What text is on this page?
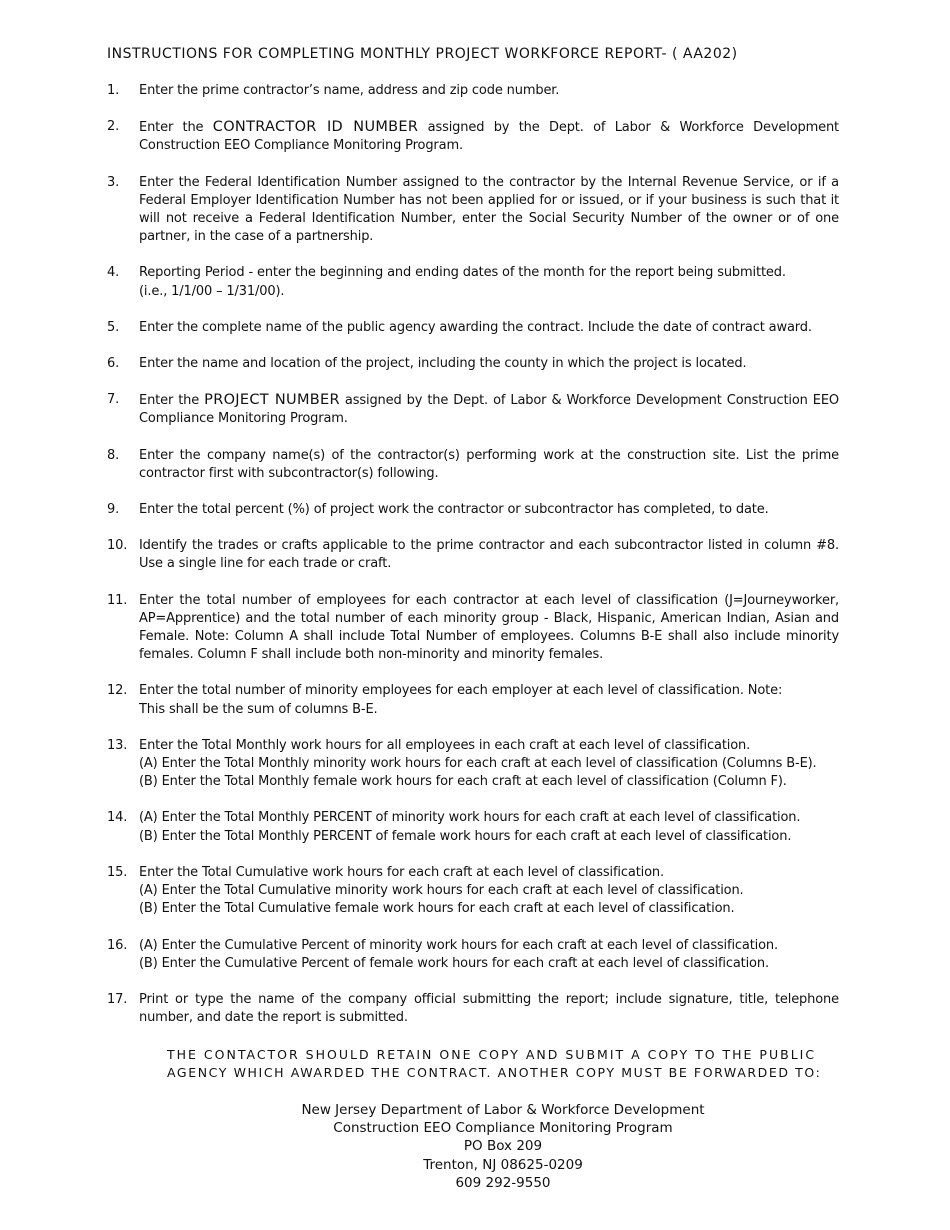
INSTRUCTIONS FOR COMPLETING MONTHLY PROJECT WORKFORCE REPORT- ( AA202)
1.	Enter the prime contractor’s name, address and zip code number.
2.	Enter the CONTRACTOR ID NUMBER assigned by the Dept. of Labor & Workforce Development Construction EEO Compliance Monitoring Program.
3.	Enter the Federal Identification Number assigned to the contractor by the Internal Revenue Service, or if a Federal Employer Identification Number has not been applied for or issued, or if your business is such that it will not receive a Federal Identification Number, enter the Social Security Number of the owner or of one partner, in the case of a partnership.
4.	Reporting Period - enter the beginning and ending dates of the month for the report being submitted.
(i.e., 1/1/00 – 1/31/00).
5.	Enter the complete name of the public agency awarding the contract. Include the date of contract award.
6.	Enter the name and location of the project, including the county in which the project is located.
7.	Enter the PROJECT NUMBER assigned by the Dept. of Labor & Workforce Development Construction EEO Compliance Monitoring Program.
8.	Enter the company name(s) of the contractor(s) performing work at the construction site. List the prime contractor first with subcontractor(s) following.
9.	Enter the total percent (%) of project work the contractor or subcontractor has completed, to date.
10. Identify the trades or crafts applicable to the prime contractor and each subcontractor listed in column #8. Use a single line for each trade or craft.
11. Enter the total number of employees for each contractor at each level of classification (J=Journeyworker, AP=Apprentice) and the total number of each minority group - Black, Hispanic, American Indian, Asian and Female. Note: Column A shall include Total Number of employees. Columns B-E shall also include minority females. Column F shall include both non-minority and minority females.
12. Enter the total number of minority employees for each employer at each level of classification. Note:
This shall be the sum of columns B-E.
13. Enter the Total Monthly work hours for all employees in each craft at each level of classification.
(A) Enter the Total Monthly minority work hours for each craft at each level of classification (Columns B-E).
(B) Enter the Total Monthly female work hours for each craft at each level of classification (Column F).
14. (A) Enter the Total Monthly PERCENT of minority work hours for each craft at each level of classification.
(B) Enter the Total Monthly PERCENT of female work hours for each craft at each level of classification.
15. Enter the Total Cumulative work hours for each craft at each level of classification.
(A) Enter the Total Cumulative minority work hours for each craft at each level of classification.
(B) Enter the Total Cumulative female work hours for each craft at each level of classification.
16. (A) Enter the Cumulative Percent of minority work hours for each craft at each level of classification.
(B) Enter the Cumulative Percent of female work hours for each craft at each level of classification.
17. Print or type the name of the company official submitting the report; include signature, title, telephone number, and date the report is submitted.
THE CONTACTOR SHOULD RETAIN ONE COPY AND SUBMIT A COPY TO THE PUBLIC
AGENCY WHICH AWARDED THE CONTRACT. ANOTHER COPY MUST BE FORWARDED TO:
New Jersey Department of Labor & Workforce Development
Construction EEO Compliance Monitoring Program
PO Box 209
Trenton, NJ 08625-0209
609 292-9550
